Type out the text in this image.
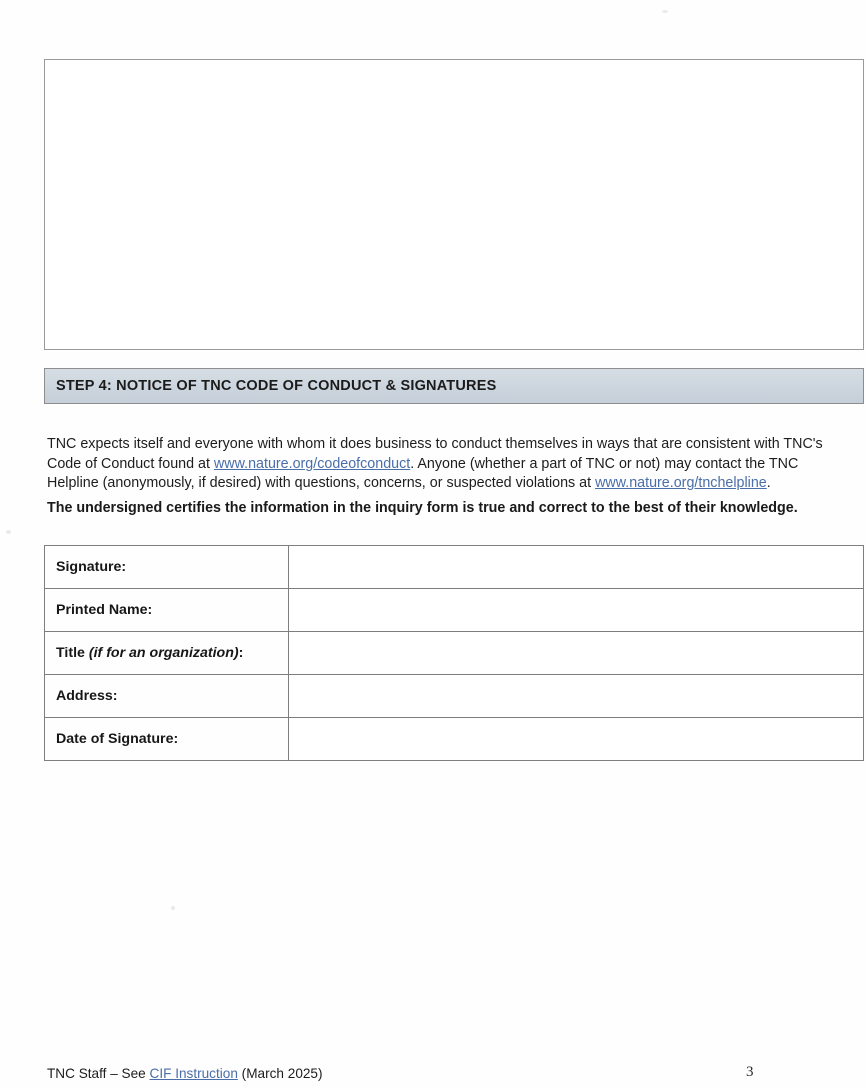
STEP 4: NOTICE OF TNC CODE OF CONDUCT & SIGNATURES

TNC expects itself and everyone with whom it does business to conduct themselves in ways that are consistent with TNC's Code of Conduct found at www.nature.org/codeofconduct. Anyone (whether a part of TNC or not) may contact the TNC Helpline (anonymously, if desired) with questions, concerns, or suspected violations at www.nature.org/tnchelpline.

The undersigned certifies the information in the inquiry form is true and correct to the best of their knowledge.
Signature:	
Printed Name:	
Title (if for an organization):	
Address:	
Date of Signature:	
TNC Staff – See CIF Instruction (March 2025)	3
